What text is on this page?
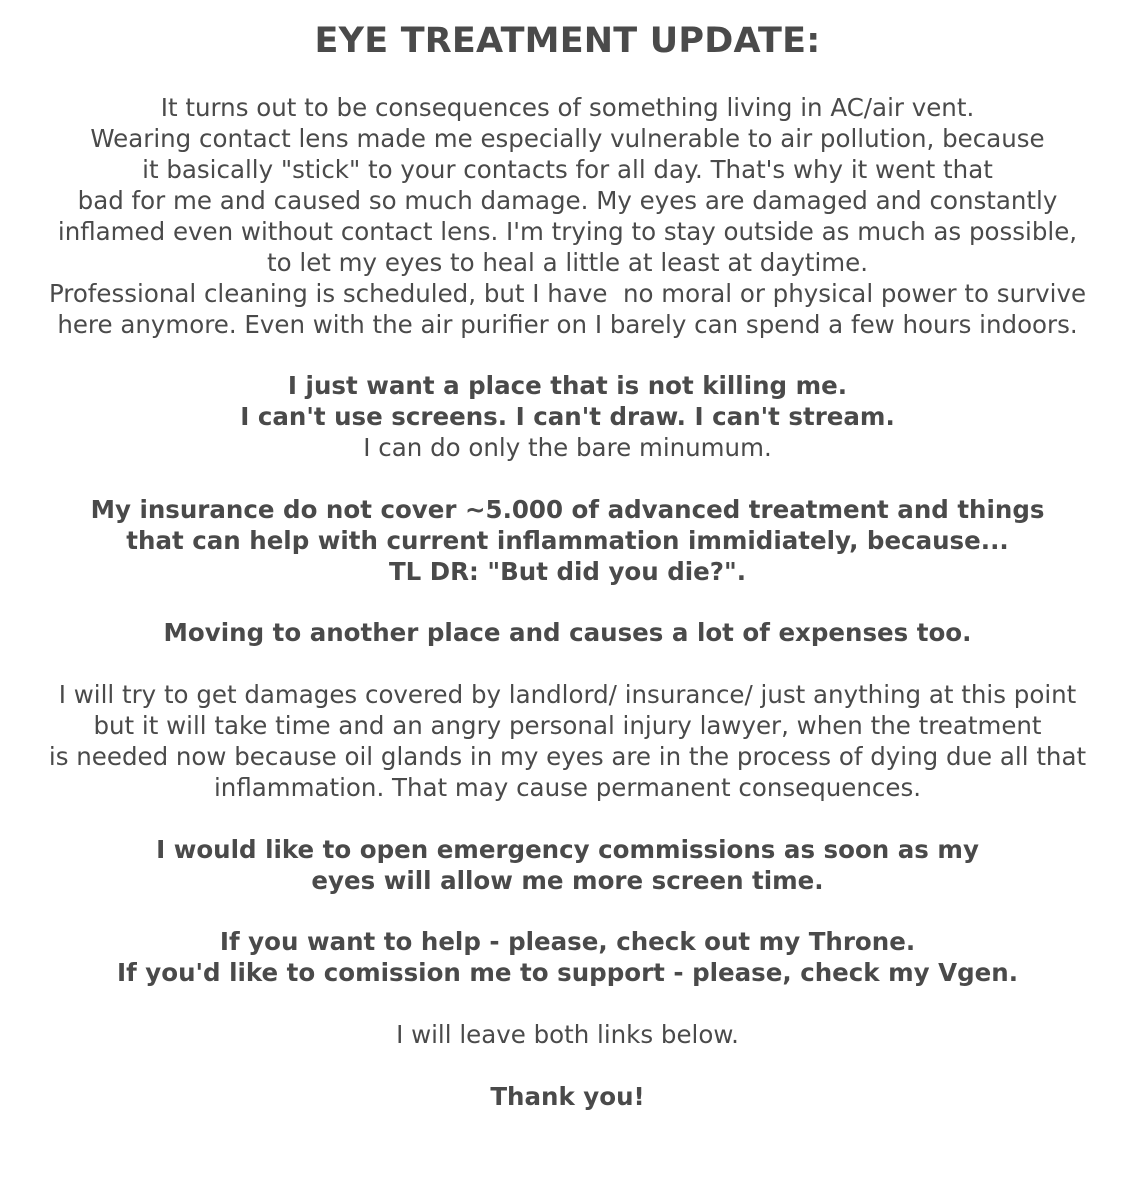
EYE TREATMENT UPDATE:

It turns out to be consequences of something living in AC/air vent.

Wearing contact lens made me especially vulnerable to air pollution, because

it basically "stick" to your contacts for all day. That's why it went that

bad for me and caused so much damage. My eyes are damaged and constantly

inflamed even without contact lens. I'm trying to stay outside as much as possible,

to let my eyes to heal a little at least at daytime.

Professional cleaning is scheduled, but I have  no moral or physical power to survive

here anymore. Even with the air purifier on I barely can spend a few hours indoors.

I just want a place that is not killing me.

I can't use screens. I can't draw. I can't stream.

I can do only the bare minumum.

My insurance do not cover ~5.000 of advanced treatment and things

that can help with current inflammation immidiately, because...

TL DR: "But did you die?".

Moving to another place and causes a lot of expenses too.

I will try to get damages covered by landlord/ insurance/ just anything at this point

but it will take time and an angry personal injury lawyer, when the treatment

is needed now because oil glands in my eyes are in the process of dying due all that

inflammation. That may cause permanent consequences.

I would like to open emergency commissions as soon as my

eyes will allow me more screen time.

If you want to help - please, check out my Throne.

If you'd like to comission me to support - please, check my Vgen.

I will leave both links below.

Thank you!
